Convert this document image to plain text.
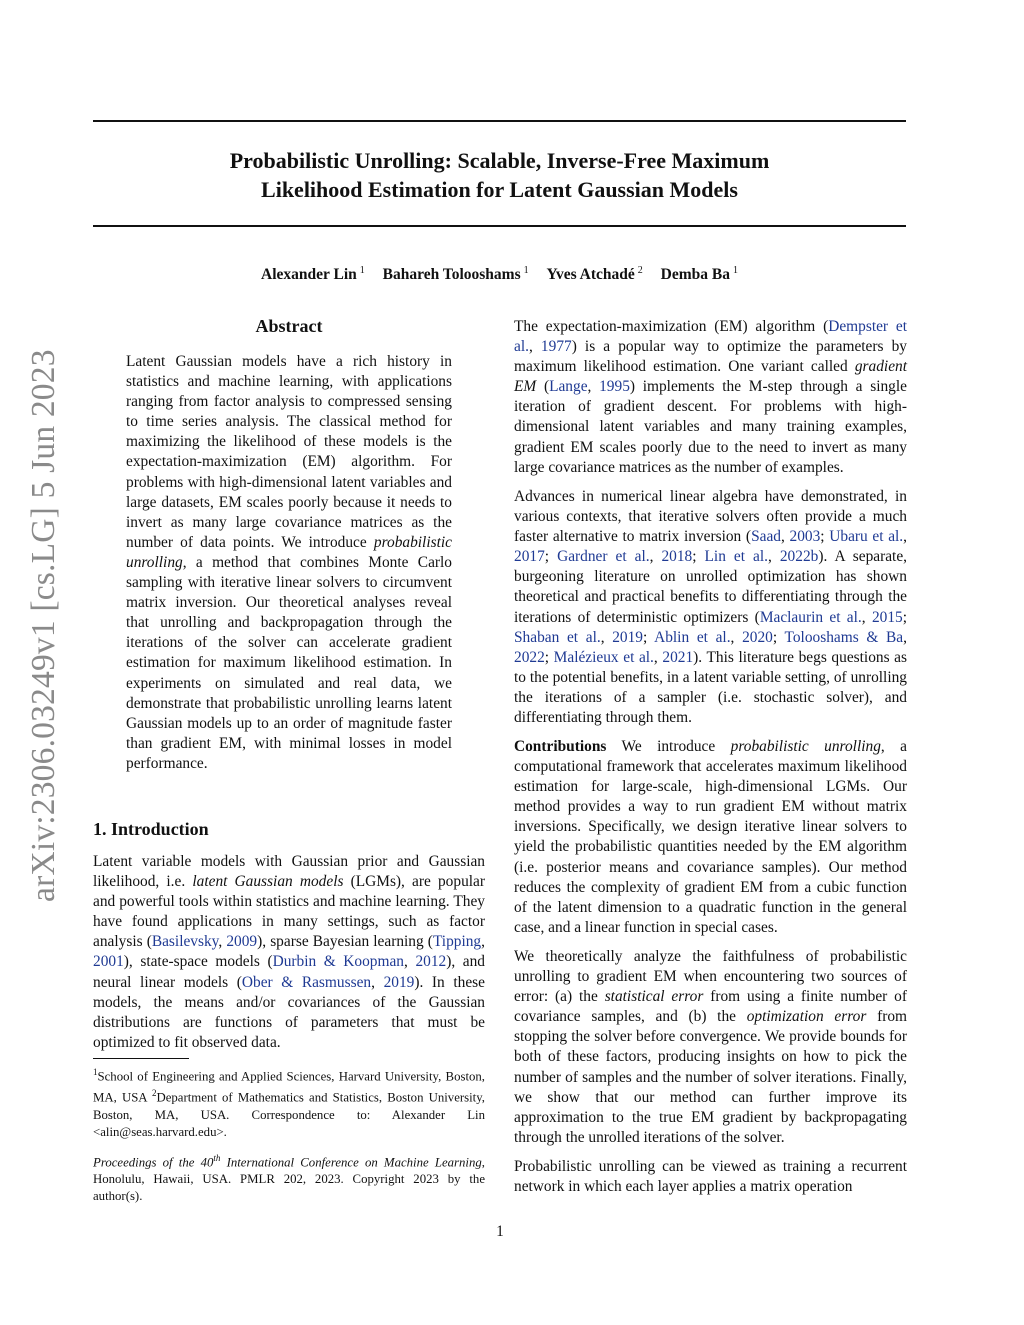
Probabilistic Unrolling: Scalable, Inverse-Free Maximum
Likelihood Estimation for Latent Gaussian Models
Alexander Lin $^1$ Bahareh Tolooshams $^1$ Yves Atchadé $^2$ Demba Ba $^1$
arXiv:2306.03249v1 [cs.LG] 5 Jun 2023
Abstract

Latent Gaussian models have a rich history in statistics and machine learning, with applications ranging from factor analysis to compressed sensing to time series analysis. The classical method for maximizing the likelihood of these models is the expectation-maximization (EM) algorithm. For problems with high-dimensional latent variables and large datasets, EM scales poorly because it needs to invert as many large covariance matrices as the number of data points. We introduce probabilistic unrolling, a method that combines Monte Carlo sampling with iterative linear solvers to circumvent matrix inversion. Our theoretical analyses reveal that unrolling and backpropagation through the iterations of the solver can accelerate gradient estimation for maximum likelihood estimation. In experiments on simulated and real data, we demonstrate that probabilistic unrolling learns latent Gaussian models up to an order of magnitude faster than gradient EM, with minimal losses in model performance.

1. Introduction

Latent variable models with Gaussian prior and Gaussian likelihood, i.e. latent Gaussian models (LGMs), are popular and powerful tools within statistics and machine learning. They have found applications in many settings, such as factor analysis (Basilevsky, 2009), sparse Bayesian learning (Tipping, 2001), state-space models (Durbin & Koopman, 2012), and neural linear models (Ober & Rasmussen, 2019). In these models, the means and/or covariances of the Gaussian distributions are functions of parameters that must be optimized to fit observed data.

$^1$School of Engineering and Applied Sciences, Harvard University, Boston, MA, USA $^2$Department of Mathematics and Statistics, Boston University, Boston, MA, USA. Correspondence to: Alexander Lin <alin@seas.harvard.edu>.

Proceedings of the 40th International Conference on Machine Learning, Honolulu, Hawaii, USA. PMLR 202, 2023. Copyright 2023 by the author(s).

The expectation-maximization (EM) algorithm (Dempster et al., 1977) is a popular way to optimize the parameters by maximum likelihood estimation. One variant called gradient EM (Lange, 1995) implements the M-step through a single iteration of gradient descent. For problems with high-dimensional latent variables and many training examples, gradient EM scales poorly due to the need to invert as many large covariance matrices as the number of examples.

Advances in numerical linear algebra have demonstrated, in various contexts, that iterative solvers often provide a much faster alternative to matrix inversion (Saad, 2003; Ubaru et al., 2017; Gardner et al., 2018; Lin et al., 2022b). A separate, burgeoning literature on unrolled optimization has shown theoretical and practical benefits to differentiating through the iterations of deterministic optimizers (Maclaurin et al., 2015; Shaban et al., 2019; Ablin et al., 2020; Tolooshams & Ba, 2022; Malézieux et al., 2021). This literature begs questions as to the potential benefits, in a latent variable setting, of unrolling the iterations of a sampler (i.e. stochastic solver), and differentiating through them.

Contributions We introduce probabilistic unrolling, a computational framework that accelerates maximum likelihood estimation for large-scale, high-dimensional LGMs. Our method provides a way to run gradient EM without matrix inversions. Specifically, we design iterative linear solvers to yield the probabilistic quantities needed by the EM algorithm (i.e. posterior means and covariance samples). Our method reduces the complexity of gradient EM from a cubic function of the latent dimension to a quadratic function in the general case, and a linear function in special cases.

We theoretically analyze the faithfulness of probabilistic unrolling to gradient EM when encountering two sources of error: (a) the statistical error from using a finite number of covariance samples, and (b) the optimization error from stopping the solver before convergence. We provide bounds for both of these factors, producing insights on how to pick the number of samples and the number of solver iterations. Finally, we show that our method can further improve its approximation to the true EM gradient by backpropagating through the unrolled iterations of the solver.

Probabilistic unrolling can be viewed as training a recurrent network in which each layer applies a matrix operation

1
